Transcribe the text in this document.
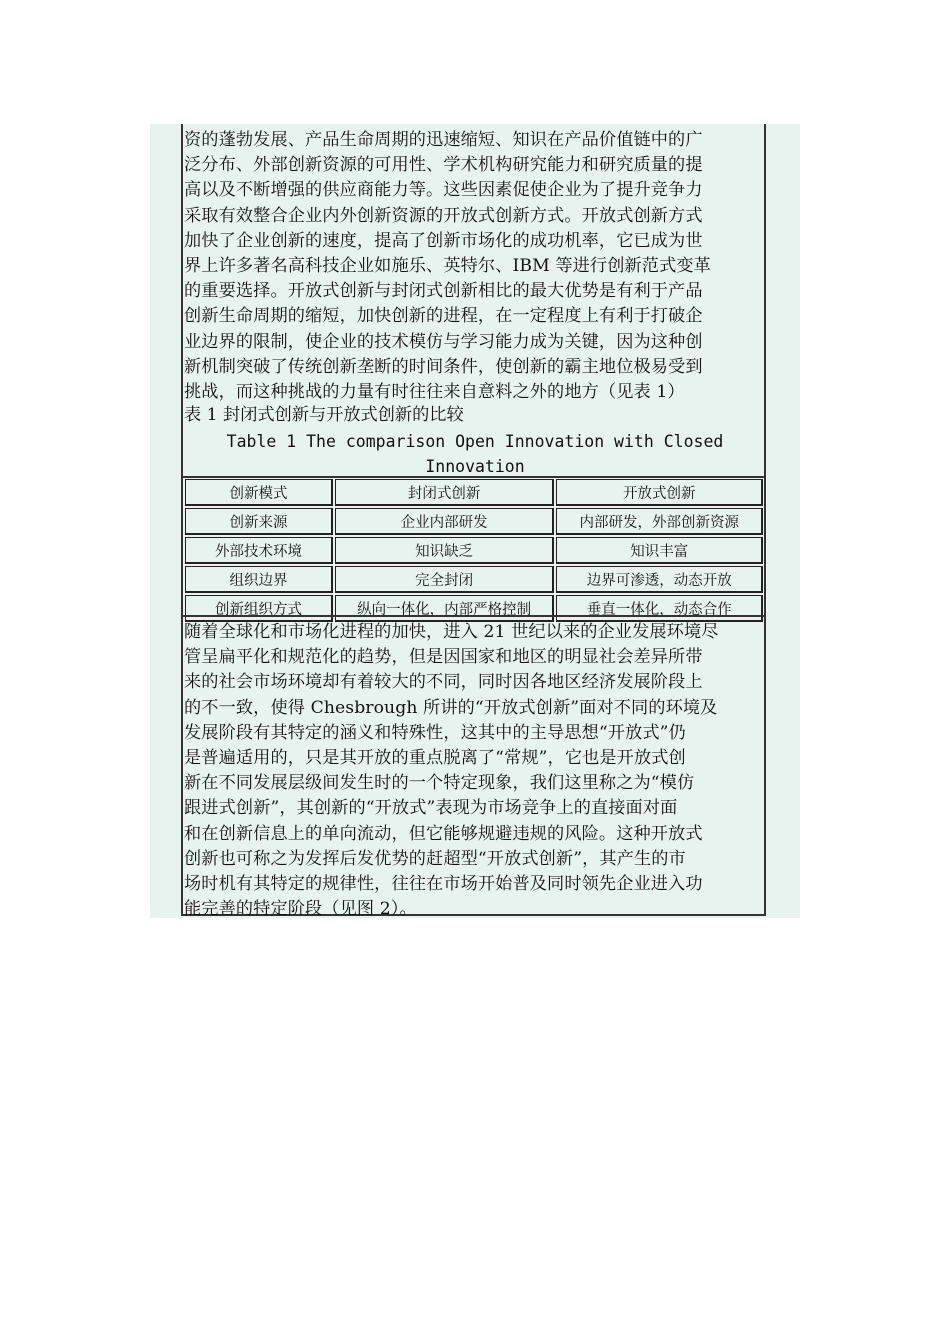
资的蓬勃发展、产品生命周期的迅速缩短、知识在产品价值链中的广

泛分布、外部创新资源的可用性、学术机构研究能力和研究质量的提

高以及不断增强的供应商能力等。这些因素促使企业为了提升竞争力

采取有效整合企业内外创新资源的开放式创新方式。开放式创新方式

加快了企业创新的速度，提高了创新市场化的成功机率，它已成为世

界上许多著名高科技企业如施乐、英特尔、IBM 等进行创新范式变革

的重要选择。开放式创新与封闭式创新相比的最大优势是有利于产品

创新生命周期的缩短，加快创新的进程，在一定程度上有利于打破企

业边界的限制，使企业的技术模仿与学习能力成为关键，因为这种创

新机制突破了传统创新垄断的时间条件，使创新的霸主地位极易受到

挑战，而这种挑战的力量有时往往来自意料之外的地方（见表 1）

表 1 封闭式创新与开放式创新的比较
Table 1 The comparison Open Innovation with Closed
Innovation
创新模式	封闭式创新	开放式创新
创新来源	企业内部研发	内部研发，外部创新资源
外部技术环境	知识缺乏	知识丰富
组织边界	完全封闭	边界可渗透，动态开放
创新组织方式	纵向一体化，内部严格控制	垂直一体化，动态合作

随着全球化和市场化进程的加快，进入 21 世纪以来的企业发展环境尽

管呈扁平化和规范化的趋势，但是因国家和地区的明显社会差异所带

来的社会市场环境却有着较大的不同，同时因各地区经济发展阶段上

的不一致，使得 Chesbrough 所讲的“开放式创新”面对不同的环境及

发展阶段有其特定的涵义和特殊性，这其中的主导思想“开放式”仍

是普遍适用的，只是其开放的重点脱离了“常规”，它也是开放式创

新在不同发展层级间发生时的一个特定现象，我们这里称之为“模仿

跟进式创新”，其创新的“开放式”表现为市场竞争上的直接面对面

和在创新信息上的单向流动，但它能够规避违规的风险。这种开放式

创新也可称之为发挥后发优势的赶超型“开放式创新”，其产生的市

场时机有其特定的规律性，往往在市场开始普及同时领先企业进入功

能完善的特定阶段（见图 2）。
